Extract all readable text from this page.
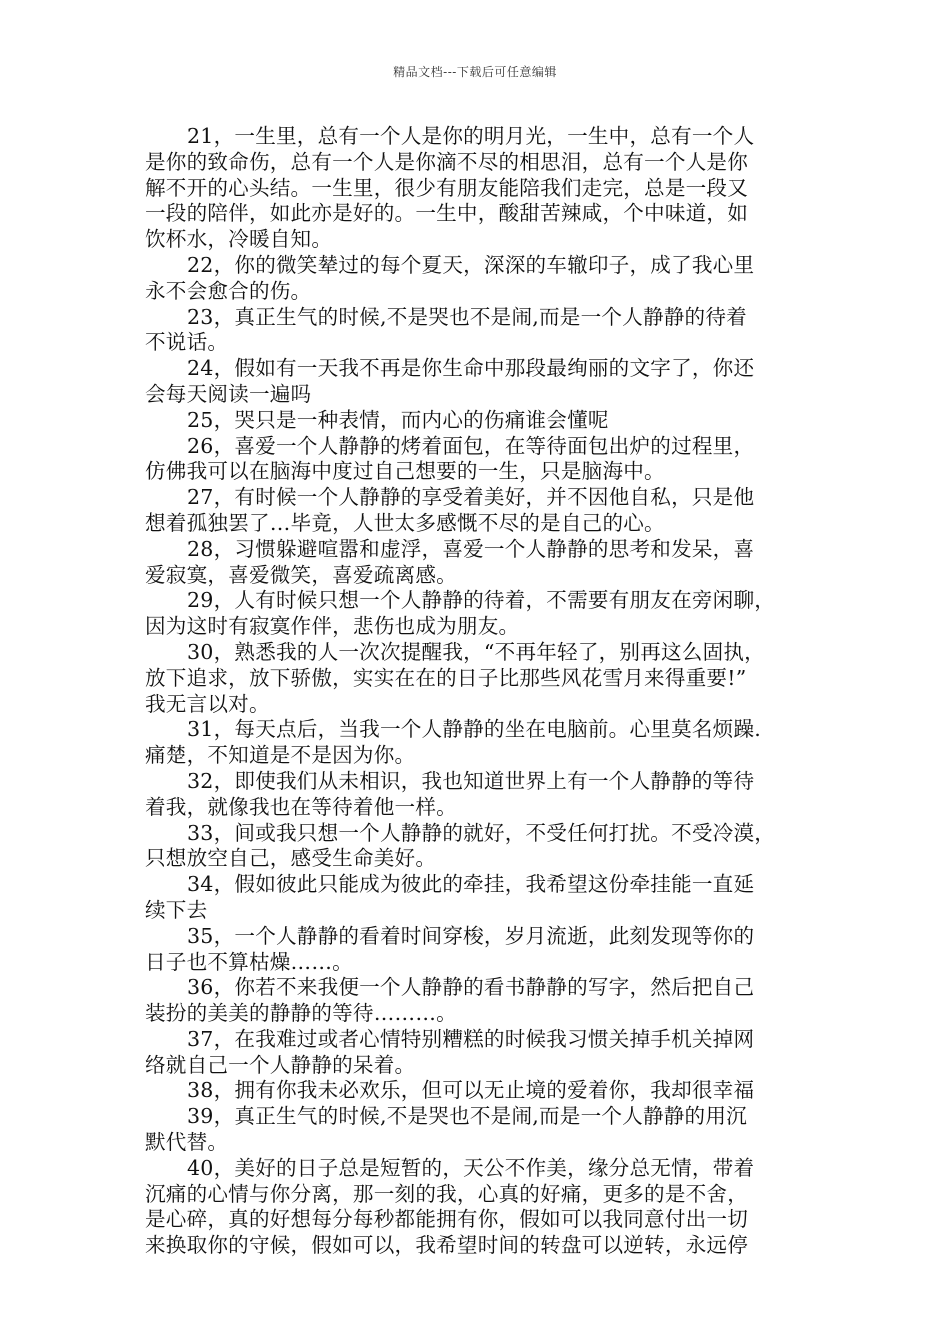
精品文档---下载后可任意编辑

21，一生里，总有一个人是你的明月光，一生中，总有一个人
是你的致命伤，总有一个人是你滴不尽的相思泪，总有一个人是你
解不开的心头结。一生里，很少有朋友能陪我们走完，总是一段又
一段的陪伴，如此亦是好的。一生中，酸甜苦辣咸，个中味道，如
饮杯水，冷暖自知。

22，你的微笑辇过的每个夏天，深深的车辙印子，成了我心里
永不会愈合的伤。

23，真正生气的时候,不是哭也不是闹,而是一个人静静的待着
不说话。

24，假如有一天我不再是你生命中那段最绚丽的文字了，你还
会每天阅读一遍吗

25，哭只是一种表情，而内心的伤痛谁会懂呢

26，喜爱一个人静静的烤着面包，在等待面包出炉的过程里，
仿佛我可以在脑海中度过自己想要的一生，只是脑海中。

27，有时候一个人静静的享受着美好，并不因他自私，只是他
想着孤独罢了…毕竟，人世太多感慨不尽的是自己的心。

28，习惯躲避喧嚣和虚浮，喜爱一个人静静的思考和发呆，喜
爱寂寞，喜爱微笑，喜爱疏离感。

29，人有时候只想一个人静静的待着，不需要有朋友在旁闲聊，
因为这时有寂寞作伴，悲伤也成为朋友。

30，熟悉我的人一次次提醒我，“不再年轻了，别再这么固执，
放下追求，放下骄傲，实实在在的日子比那些风花雪月来得重要!”
我无言以对。

31，每天点后，当我一个人静静的坐在电脑前。心里莫名烦躁.
痛楚，不知道是不是因为你。

32，即使我们从未相识，我也知道世界上有一个人静静的等待
着我，就像我也在等待着他一样。

33，间或我只想一个人静静的就好，不受任何打扰。不受冷漠，
只想放空自己，感受生命美好。

34，假如彼此只能成为彼此的牵挂，我希望这份牵挂能一直延
续下去

35，一个人静静的看着时间穿梭，岁月流逝，此刻发现等你的
日子也不算枯燥……。

36，你若不来我便一个人静静的看书静静的写字，然后把自己
装扮的美美的静静的等待………。

37，在我难过或者心情特别糟糕的时候我习惯关掉手机关掉网
络就自己一个人静静的呆着。

38，拥有你我未必欢乐，但可以无止境的爱着你，我却很幸福

39，真正生气的时候,不是哭也不是闹,而是一个人静静的用沉
默代替。

40，美好的日子总是短暂的，天公不作美，缘分总无情，带着
沉痛的心情与你分离，那一刻的我，心真的好痛，更多的是不舍，
是心碎，真的好想每分每秒都能拥有你，假如可以我同意付出一切
来换取你的守候，假如可以，我希望时间的转盘可以逆转，永远停
